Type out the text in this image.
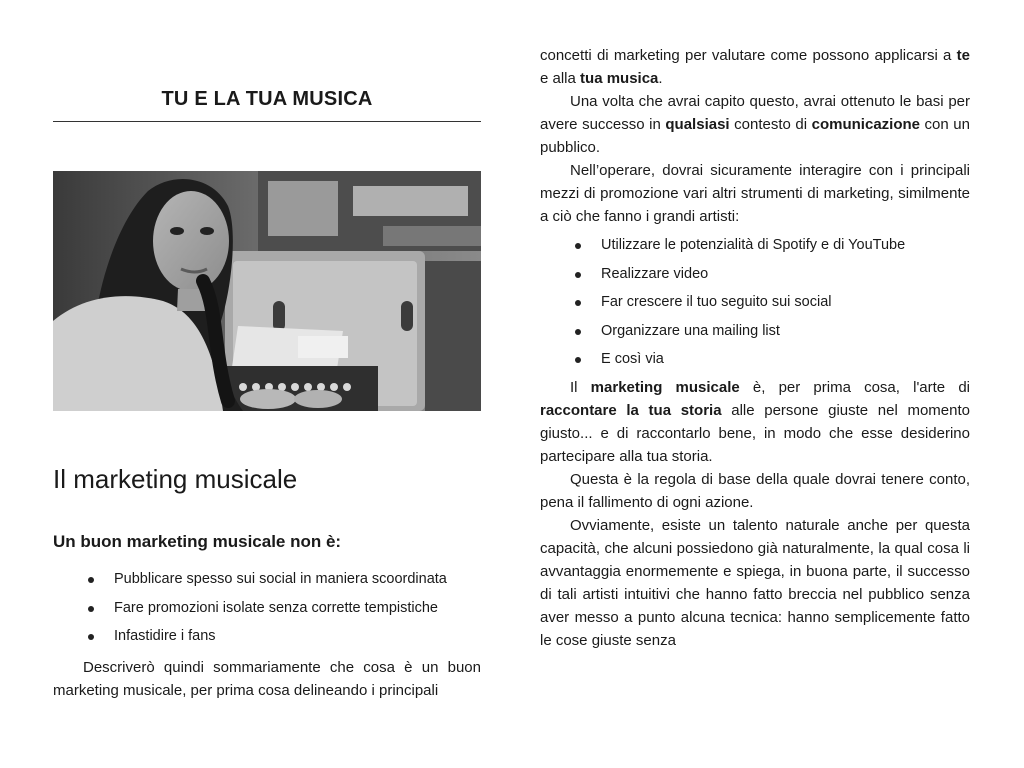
TU E LA TUA MUSICA
Il marketing musicale
Un buon marketing musicale non è:
Pubblicare spesso sui social in maniera scoordinata
Fare promozioni isolate senza corrette tempistiche
Infastidire i fans

Descriverò quindi sommariamente che cosa è un buon marketing musicale, per prima cosa delineando i principali

concetti di marketing per valutare come possono applicarsi a te e alla tua musica.

Una volta che avrai capito questo, avrai ottenuto le basi per avere successo in qualsiasi contesto di comunicazione con un pubblico.

Nell’operare, dovrai sicuramente interagire con i principali mezzi di promozione vari altri strumenti di marketing, similmente a ciò che fanno i grandi artisti:

Utilizzare le potenzialità di Spotify e di YouTube
Realizzare video
Far crescere il tuo seguito sui social
Organizzare una mailing list
E così via

Il marketing musicale è, per prima cosa, l'arte di raccontare la tua storia alle persone giuste nel momento giusto... e di raccontarlo bene, in modo che esse desiderino partecipare alla tua storia.

Questa è la regola di base della quale dovrai tenere conto, pena il fallimento di ogni azione.

Ovviamente, esiste un talento naturale anche per questa capacità, che alcuni possiedono già naturalmente, la qual cosa li avvantaggia enormemente e spiega, in buona parte, il successo di tali artisti intuitivi che hanno fatto breccia nel pubblico senza aver messo a punto alcuna tecnica: hanno semplicemente fatto le cose giuste senza
